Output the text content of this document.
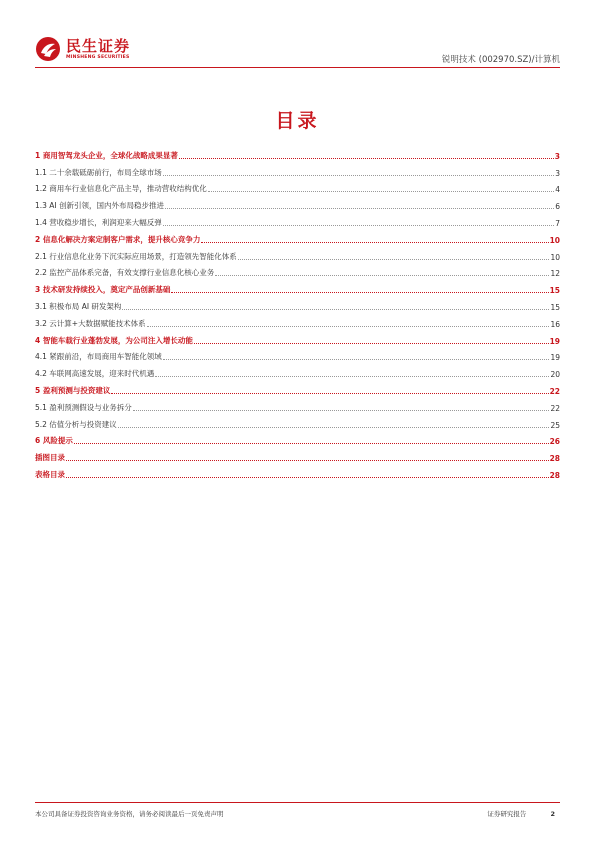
民生证券
MINSHENG SECURITIES	锐明技术 (002970.SZ)/计算机
目录
1 商用智驾龙头企业，全球化战略成果显著	3
1.1 二十余载砥砺前行，布局全球市场	3
1.2 商用车行业信息化产品主导，推动营收结构优化	4
1.3 AI 创新引领，国内外布局稳步推进	6
1.4 营收稳步增长，利润迎来大幅反弹	7
2 信息化解决方案定制客户需求，提升核心竞争力	10
2.1 行业信息化业务下沉实际应用场景，打造领先智能化体系	10
2.2 监控产品体系完备，有效支撑行业信息化核心业务	12
3 技术研发持续投入，奠定产品创新基础	15
3.1 积极布局 AI 研发架构	15
3.2 云计算+大数据赋能技术体系	16
4 智能车载行业蓬勃发展，为公司注入增长动能	19
4.1 紧跟前沿，布局商用车智能化领域	19
4.2 车联网高速发展，迎来时代机遇	20
5 盈利预测与投资建议	22
5.1 盈利预测假设与业务拆分	22
5.2 估值分析与投资建议	25
6 风险提示	26
插图目录	28
表格目录	28
本公司具备证券投资咨询业务资格，请务必阅读最后一页免责声明	证券研究报告	2
